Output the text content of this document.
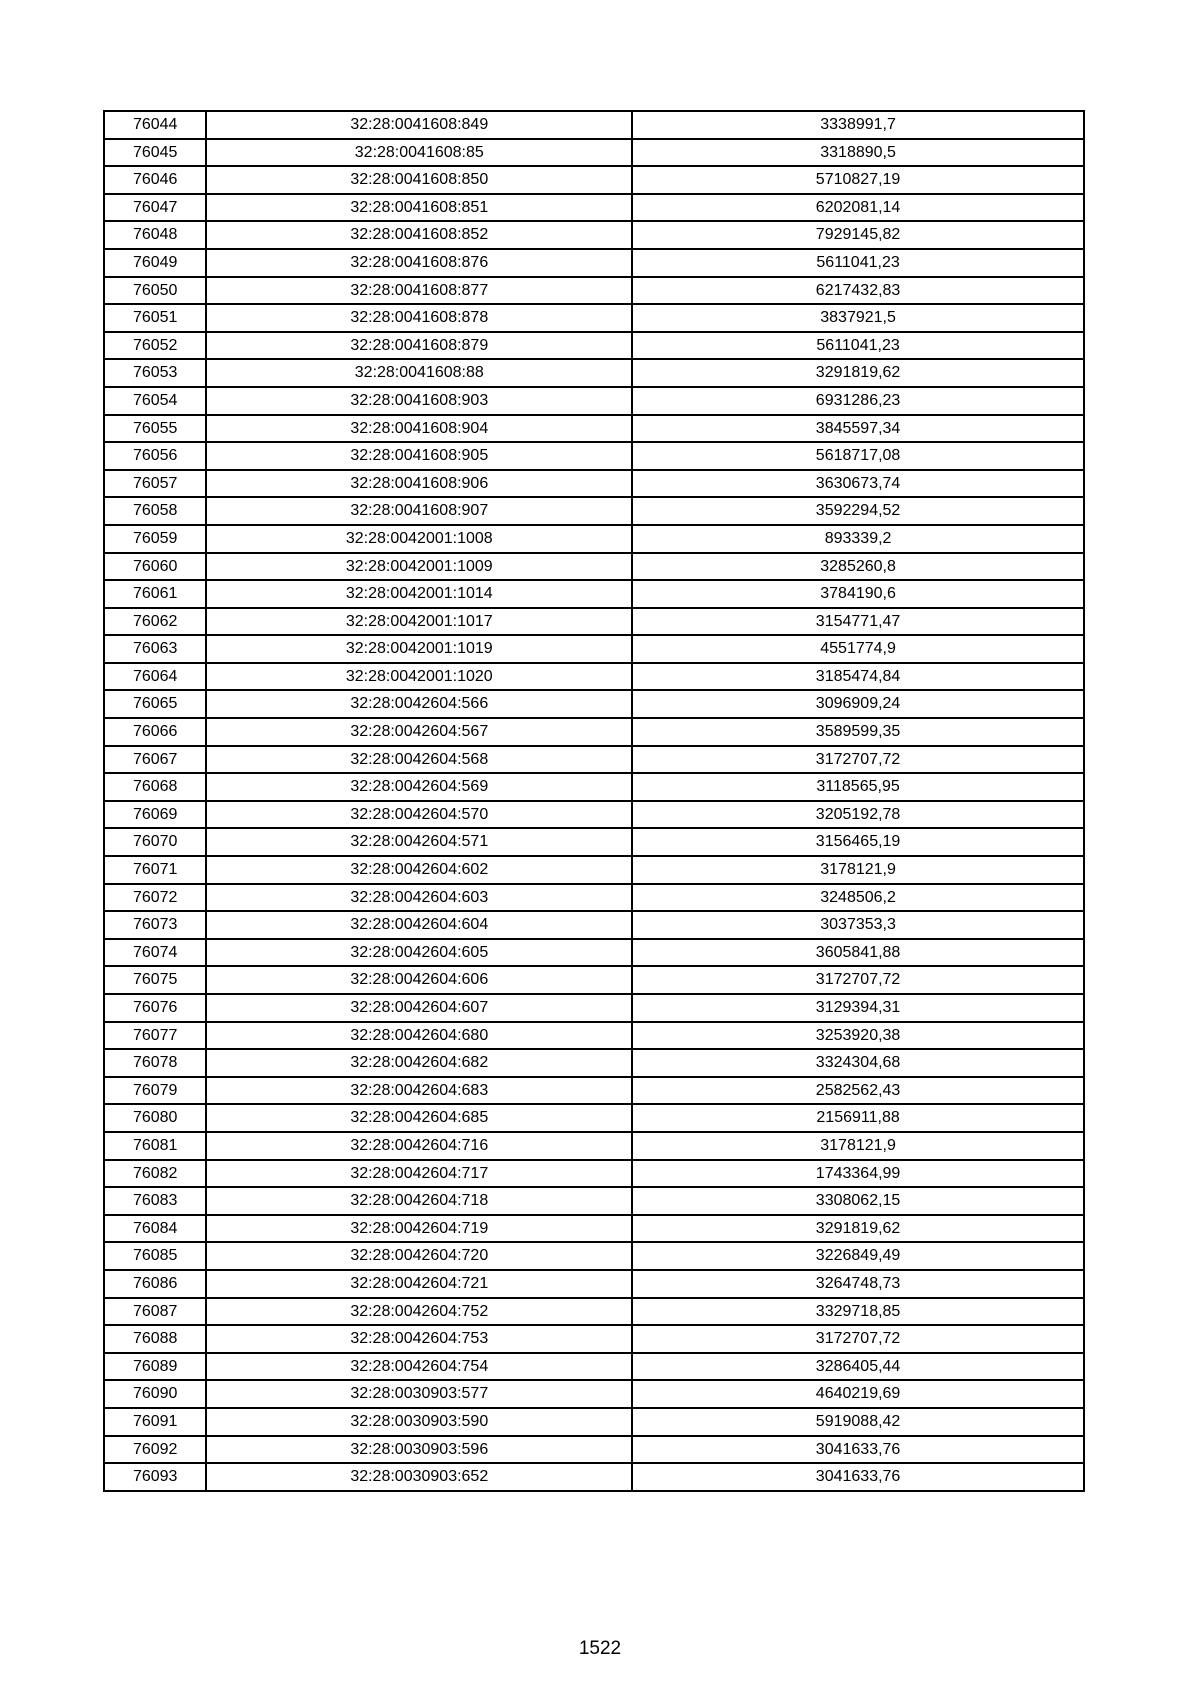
76044	32:28:0041608:849	3338991,7
76045	32:28:0041608:85	3318890,5
76046	32:28:0041608:850	5710827,19
76047	32:28:0041608:851	6202081,14
76048	32:28:0041608:852	7929145,82
76049	32:28:0041608:876	5611041,23
76050	32:28:0041608:877	6217432,83
76051	32:28:0041608:878	3837921,5
76052	32:28:0041608:879	5611041,23
76053	32:28:0041608:88	3291819,62
76054	32:28:0041608:903	6931286,23
76055	32:28:0041608:904	3845597,34
76056	32:28:0041608:905	5618717,08
76057	32:28:0041608:906	3630673,74
76058	32:28:0041608:907	3592294,52
76059	32:28:0042001:1008	893339,2
76060	32:28:0042001:1009	3285260,8
76061	32:28:0042001:1014	3784190,6
76062	32:28:0042001:1017	3154771,47
76063	32:28:0042001:1019	4551774,9
76064	32:28:0042001:1020	3185474,84
76065	32:28:0042604:566	3096909,24
76066	32:28:0042604:567	3589599,35
76067	32:28:0042604:568	3172707,72
76068	32:28:0042604:569	3118565,95
76069	32:28:0042604:570	3205192,78
76070	32:28:0042604:571	3156465,19
76071	32:28:0042604:602	3178121,9
76072	32:28:0042604:603	3248506,2
76073	32:28:0042604:604	3037353,3
76074	32:28:0042604:605	3605841,88
76075	32:28:0042604:606	3172707,72
76076	32:28:0042604:607	3129394,31
76077	32:28:0042604:680	3253920,38
76078	32:28:0042604:682	3324304,68
76079	32:28:0042604:683	2582562,43
76080	32:28:0042604:685	2156911,88
76081	32:28:0042604:716	3178121,9
76082	32:28:0042604:717	1743364,99
76083	32:28:0042604:718	3308062,15
76084	32:28:0042604:719	3291819,62
76085	32:28:0042604:720	3226849,49
76086	32:28:0042604:721	3264748,73
76087	32:28:0042604:752	3329718,85
76088	32:28:0042604:753	3172707,72
76089	32:28:0042604:754	3286405,44
76090	32:28:0030903:577	4640219,69
76091	32:28:0030903:590	5919088,42
76092	32:28:0030903:596	3041633,76
76093	32:28:0030903:652	3041633,76
1522
